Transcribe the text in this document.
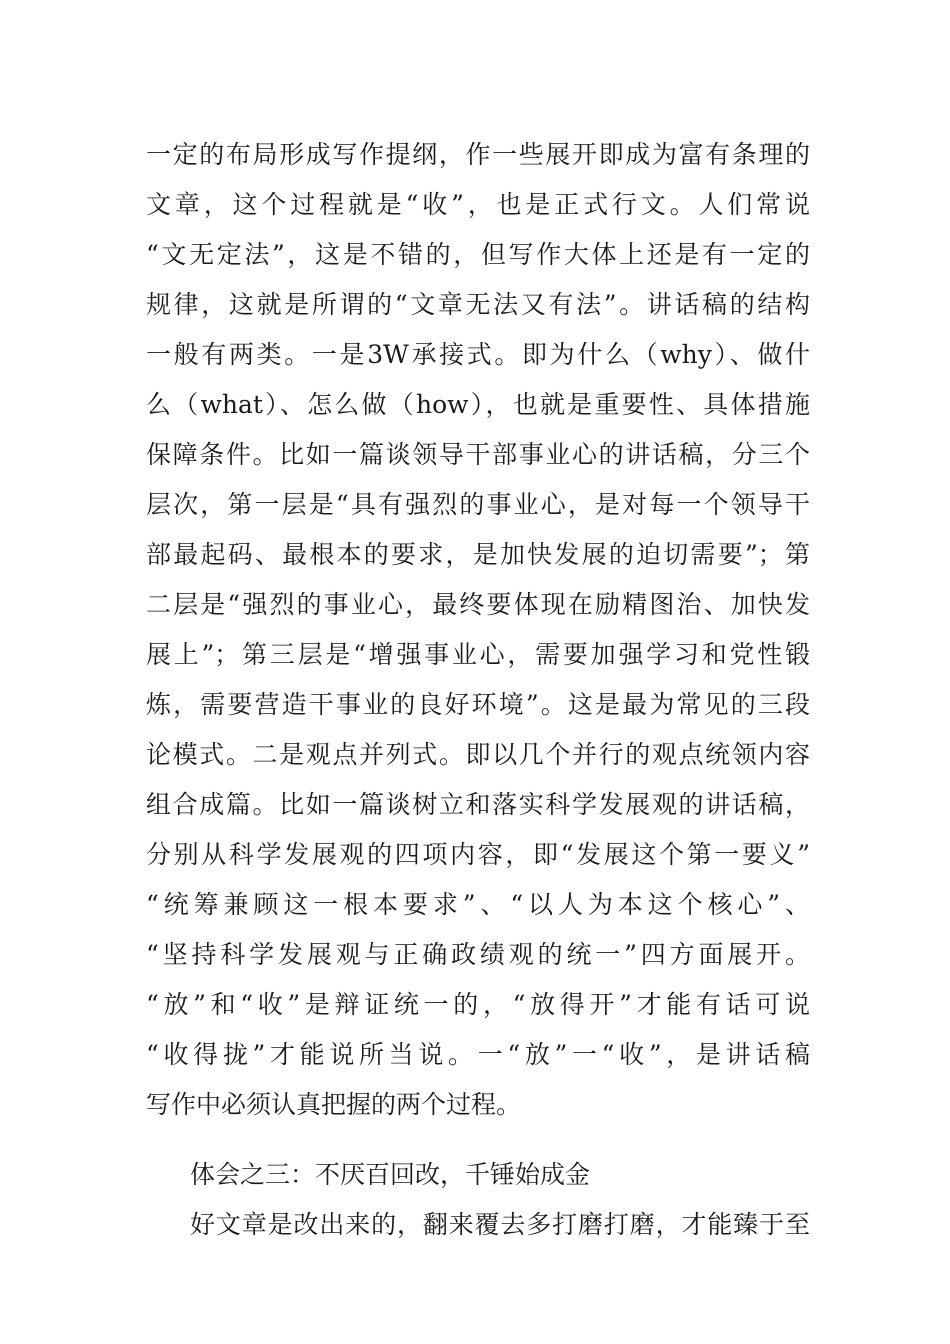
一定的布局形成写作提纲，作一些展开即成为富有条理的
文章，这个过程就是“收”，也是正式行文。人们常说
“文无定法”，这是不错的，但写作大体上还是有一定的
规律，这就是所谓的“文章无法又有法”。讲话稿的结构
一般有两类。一是3W承接式。即为什么（why）、做什
么（what）、怎么做（how），也就是重要性、具体措施
保障条件。比如一篇谈领导干部事业心的讲话稿，分三个
层次，第一层是“具有强烈的事业心，是对每一个领导干
部最起码、最根本的要求，是加快发展的迫切需要”；第
二层是“强烈的事业心，最终要体现在励精图治、加快发
展上”；第三层是“增强事业心，需要加强学习和党性锻
炼，需要营造干事业的良好环境”。这是最为常见的三段
论模式。二是观点并列式。即以几个并行的观点统领内容
组合成篇。比如一篇谈树立和落实科学发展观的讲话稿，
分别从科学发展观的四项内容，即“发展这个第一要义”
“统筹兼顾这一根本要求”、“以人为本这个核心”、
“坚持科学发展观与正确政绩观的统一”四方面展开。
“放”和“收”是辩证统一的，“放得开”才能有话可说
“收得拢”才能说所当说。一“放”一“收”，是讲话稿
写作中必须认真把握的两个过程。
体会之三：不厌百回改，千锤始成金
好文章是改出来的，翻来覆去多打磨打磨，才能臻于至
